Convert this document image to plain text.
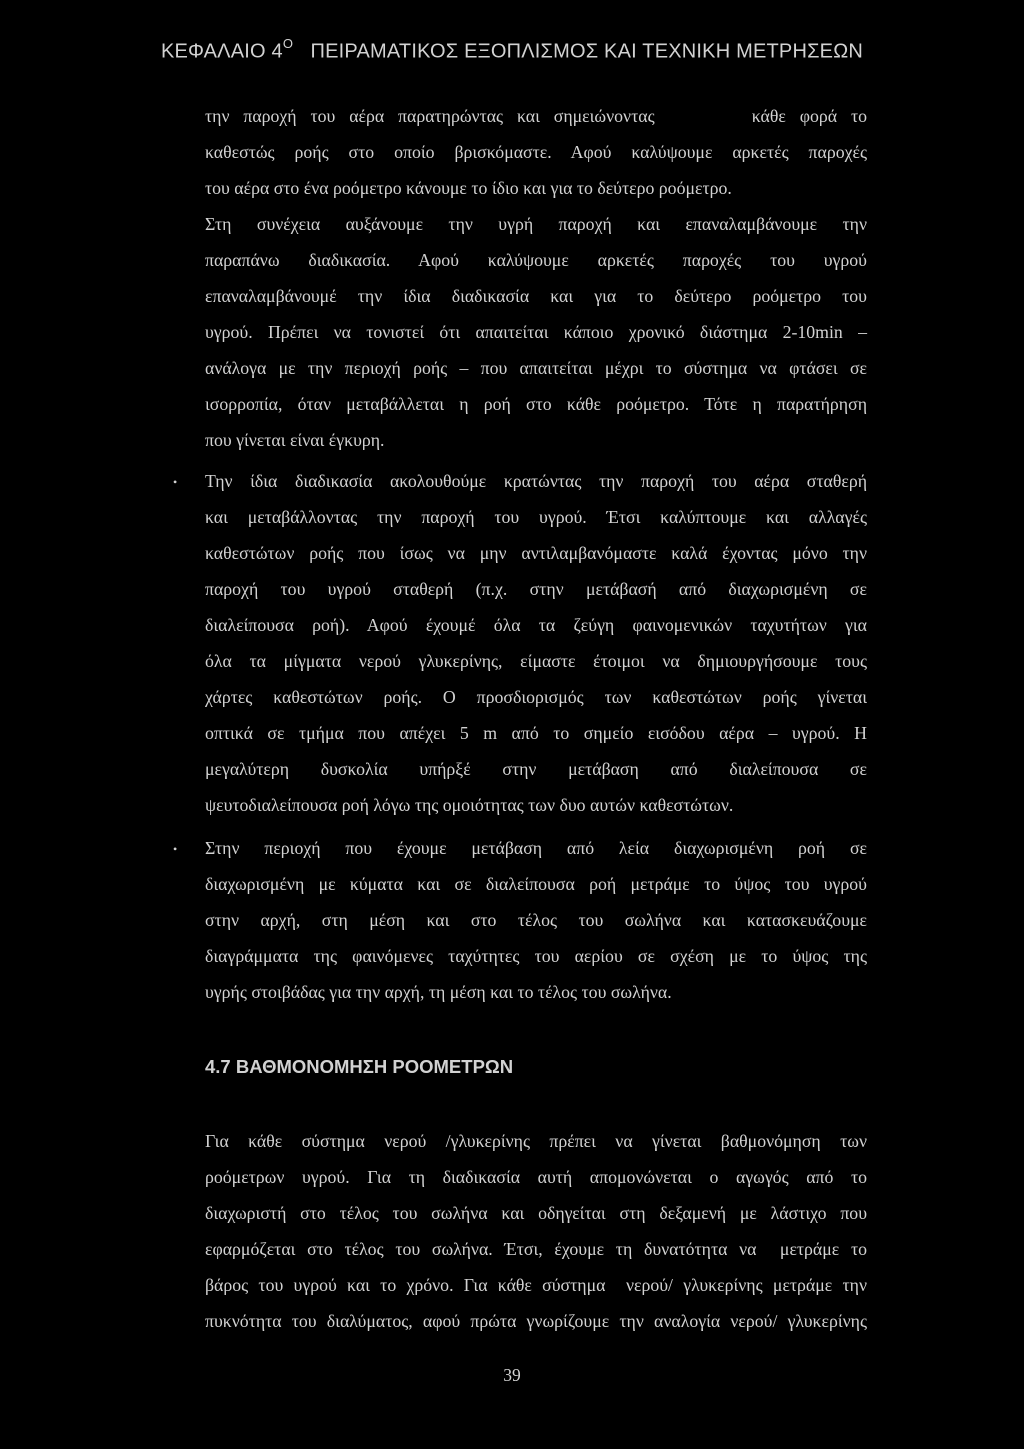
ΚΕΦΑΛΑΙΟ $4^O$ ΠΕΙΡΑΜΑΤΙΚΟΣ ΕΞΟΠΛΙΣΜΟΣ ΚΑΙ ΤΕΧΝΙΚΗ ΜΕΤΡΗΣΕΩΝ
την παροχή του αέρα παρατηρώντας και σημειώνοντας       κάθε φορά το
καθεστώς ροής στο οποίο βρισκόμαστε. Αφού καλύψουμε αρκετές παροχές
του αέρα στο ένα ροόμετρο κάνουμε το ίδιο και για το δεύτερο ροόμετρο.
Στη συνέχεια αυξάνουμε την υγρή παροχή και επαναλαμβάνουμε την
παραπάνω διαδικασία. Αφού καλύψουμε αρκετές παροχές του υγρού
επαναλαμβάνουμέ την ίδια διαδικασία και για το δεύτερο ροόμετρο του
υγρού. Πρέπει να τονιστεί ότι απαιτείται κάποιο χρονικό διάστημα 2-10min –
ανάλογα με την περιοχή ροής – που απαιτείται μέχρι το σύστημα να φτάσει σε
ισορροπία, όταν μεταβάλλεται η ροή στο κάθε ροόμετρο. Τότε η παρατήρηση
που γίνεται είναι έγκυρη.
• Την ίδια διαδικασία ακολουθούμε κρατώντας την παροχή του αέρα σταθερή
και μεταβάλλοντας την παροχή του υγρού. Έτσι καλύπτουμε και αλλαγές
καθεστώτων ροής που ίσως να μην αντιλαμβανόμαστε καλά έχοντας μόνο την
παροχή του υγρού σταθερή (π.χ. στην μετάβασή από διαχωρισμένη σε
διαλείπουσα ροή). Αφού έχουμέ όλα τα ζεύγη φαινομενικών ταχυτήτων για
όλα τα μίγματα νερού γλυκερίνης, είμαστε έτοιμοι να δημιουργήσουμε τους
χάρτες καθεστώτων ροής. Ο προσδιορισμός των καθεστώτων ροής γίνεται
οπτικά σε τμήμα που απέχει 5 m από το σημείο εισόδου αέρα – υγρού. Η
μεγαλύτερη δυσκολία υπήρξέ στην μετάβαση από διαλείπουσα σε
ψευτοδιαλείπουσα ροή λόγω της ομοιότητας των δυο αυτών καθεστώτων.
• Στην περιοχή που έχουμε μετάβαση από λεία διαχωρισμένη ροή σε
διαχωρισμένη με κύματα και σε διαλείπουσα ροή μετράμε το ύψος του υγρού
στην αρχή, στη μέση και στο τέλος του σωλήνα και κατασκευάζουμε
διαγράμματα της φαινόμενες ταχύτητες του αερίου σε σχέση με το ύψος της
υγρής στοιβάδας για την αρχή, τη μέση και το τέλος του σωλήνα.
4.7 ΒΑΘΜΟΝΟΜΗΣΗ ΡΟΟΜΕΤΡΩΝ
Για κάθε σύστημα νερού /γλυκερίνης πρέπει να γίνεται βαθμονόμηση των
ροόμετρων υγρού. Για τη διαδικασία αυτή απομονώνεται ο αγωγός από το
διαχωριστή στο τέλος του σωλήνα και οδηγείται στη δεξαμενή με λάστιχο που
εφαρμόζεται στο τέλος του σωλήνα. Έτσι, έχουμε τη δυνατότητα να  μετράμε το
βάρος του υγρού και το χρόνο. Για κάθε σύστημα  νερού/ γλυκερίνης μετράμε την
πυκνότητα του διαλύματος, αφού πρώτα γνωρίζουμε την αναλογία νερού/ γλυκερίνης
39
